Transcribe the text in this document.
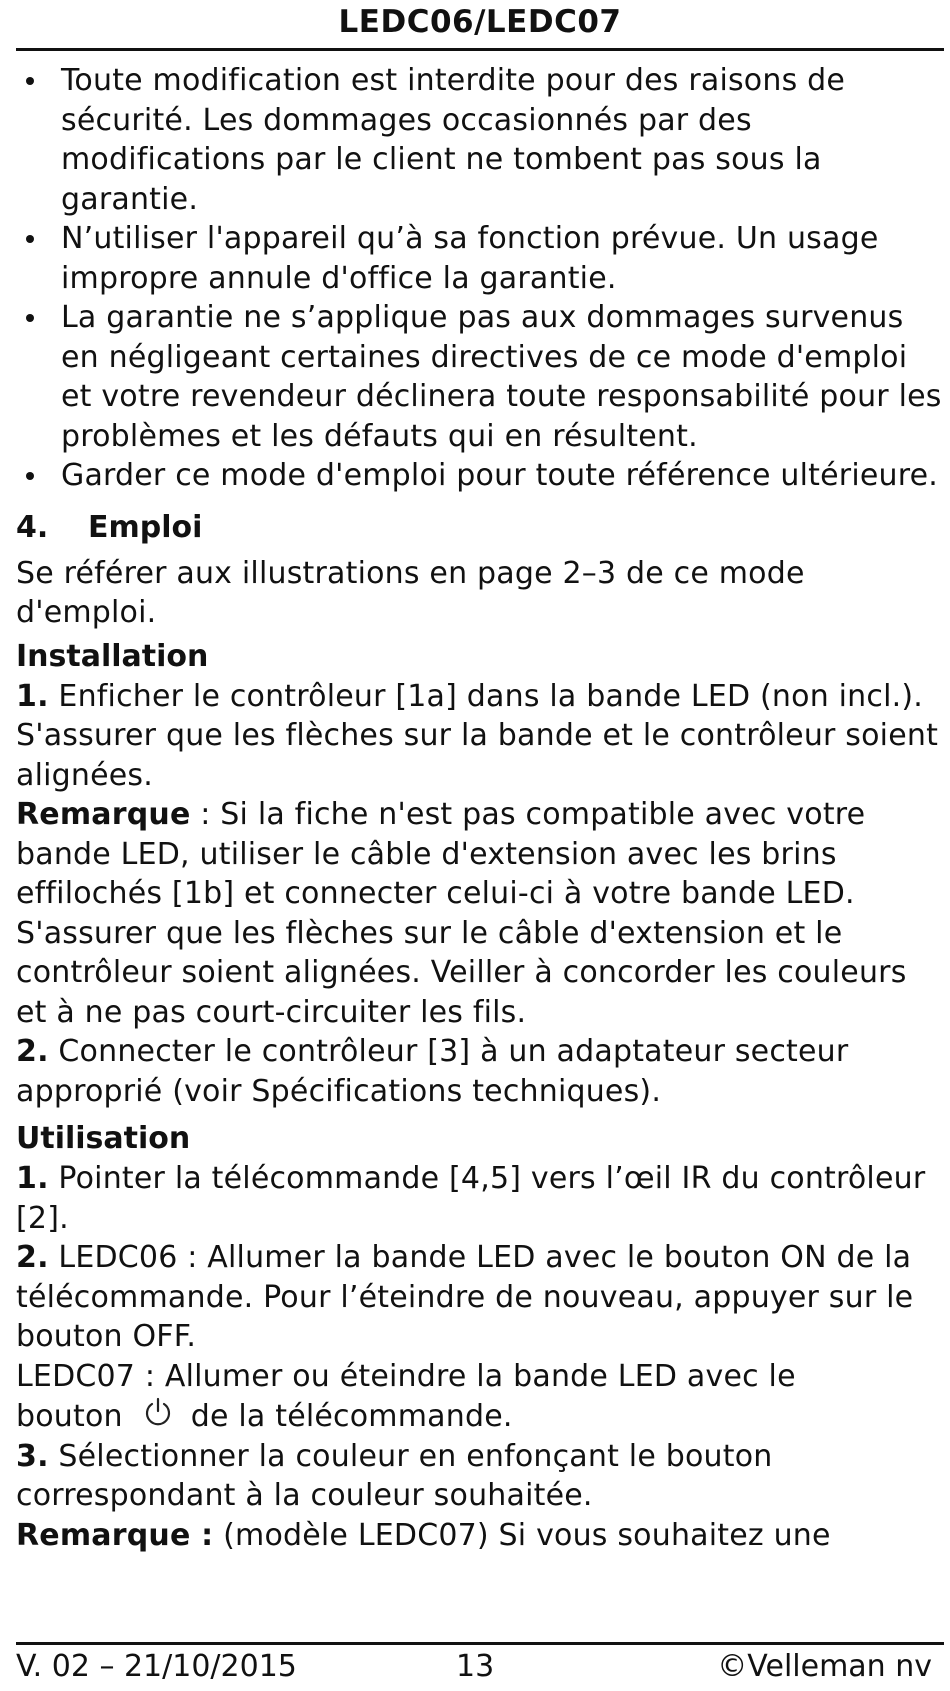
LEDC06/LEDC07
Toute modification est interdite pour des raisons de sécurité. Les dommages occasionnés par des modifications par le client ne tombent pas sous la garantie.
N’utiliser l'appareil qu’à sa fonction prévue. Un usage impropre annule d'office la garantie.
La garantie ne s’applique pas aux dommages survenus en négligeant certaines directives de ce mode d'emploi et votre revendeur déclinera toute responsabilité pour les problèmes et les défauts qui en résultent.
Garder ce mode d'emploi pour toute référence ultérieure.
4. Emploi
Se référer aux illustrations en page 2–3 de ce mode d'emploi.
Installation
1. Enficher le contrôleur [1a] dans la bande LED (non incl.). S'assurer que les flèches sur la bande et le contrôleur soient alignées.
Remarque : Si la fiche n'est pas compatible avec votre bande LED, utiliser le câble d'extension avec les brins effilochés [1b] et connecter celui-ci à votre bande LED. S'assurer que les flèches sur le câble d'extension et le contrôleur soient alignées. Veiller à concorder les couleurs et à ne pas court-circuiter les fils.
2. Connecter le contrôleur [3] à un adaptateur secteur approprié (voir Spécifications techniques).
Utilisation
1. Pointer la télécommande [4,5] vers l’œil IR du contrôleur [2].
2. LEDC06 : Allumer la bande LED avec le bouton ON de la télécommande. Pour l’éteindre de nouveau, appuyer sur le bouton OFF.
LEDC07 : Allumer ou éteindre la bande LED avec le
bouton de la télécommande.
3. Sélectionner la couleur en enfonçant le bouton correspondant à la couleur souhaitée.
Remarque : (modèle LEDC07) Si vous souhaitez une
V. 02 – 21/10/2015	13	©Velleman nv
